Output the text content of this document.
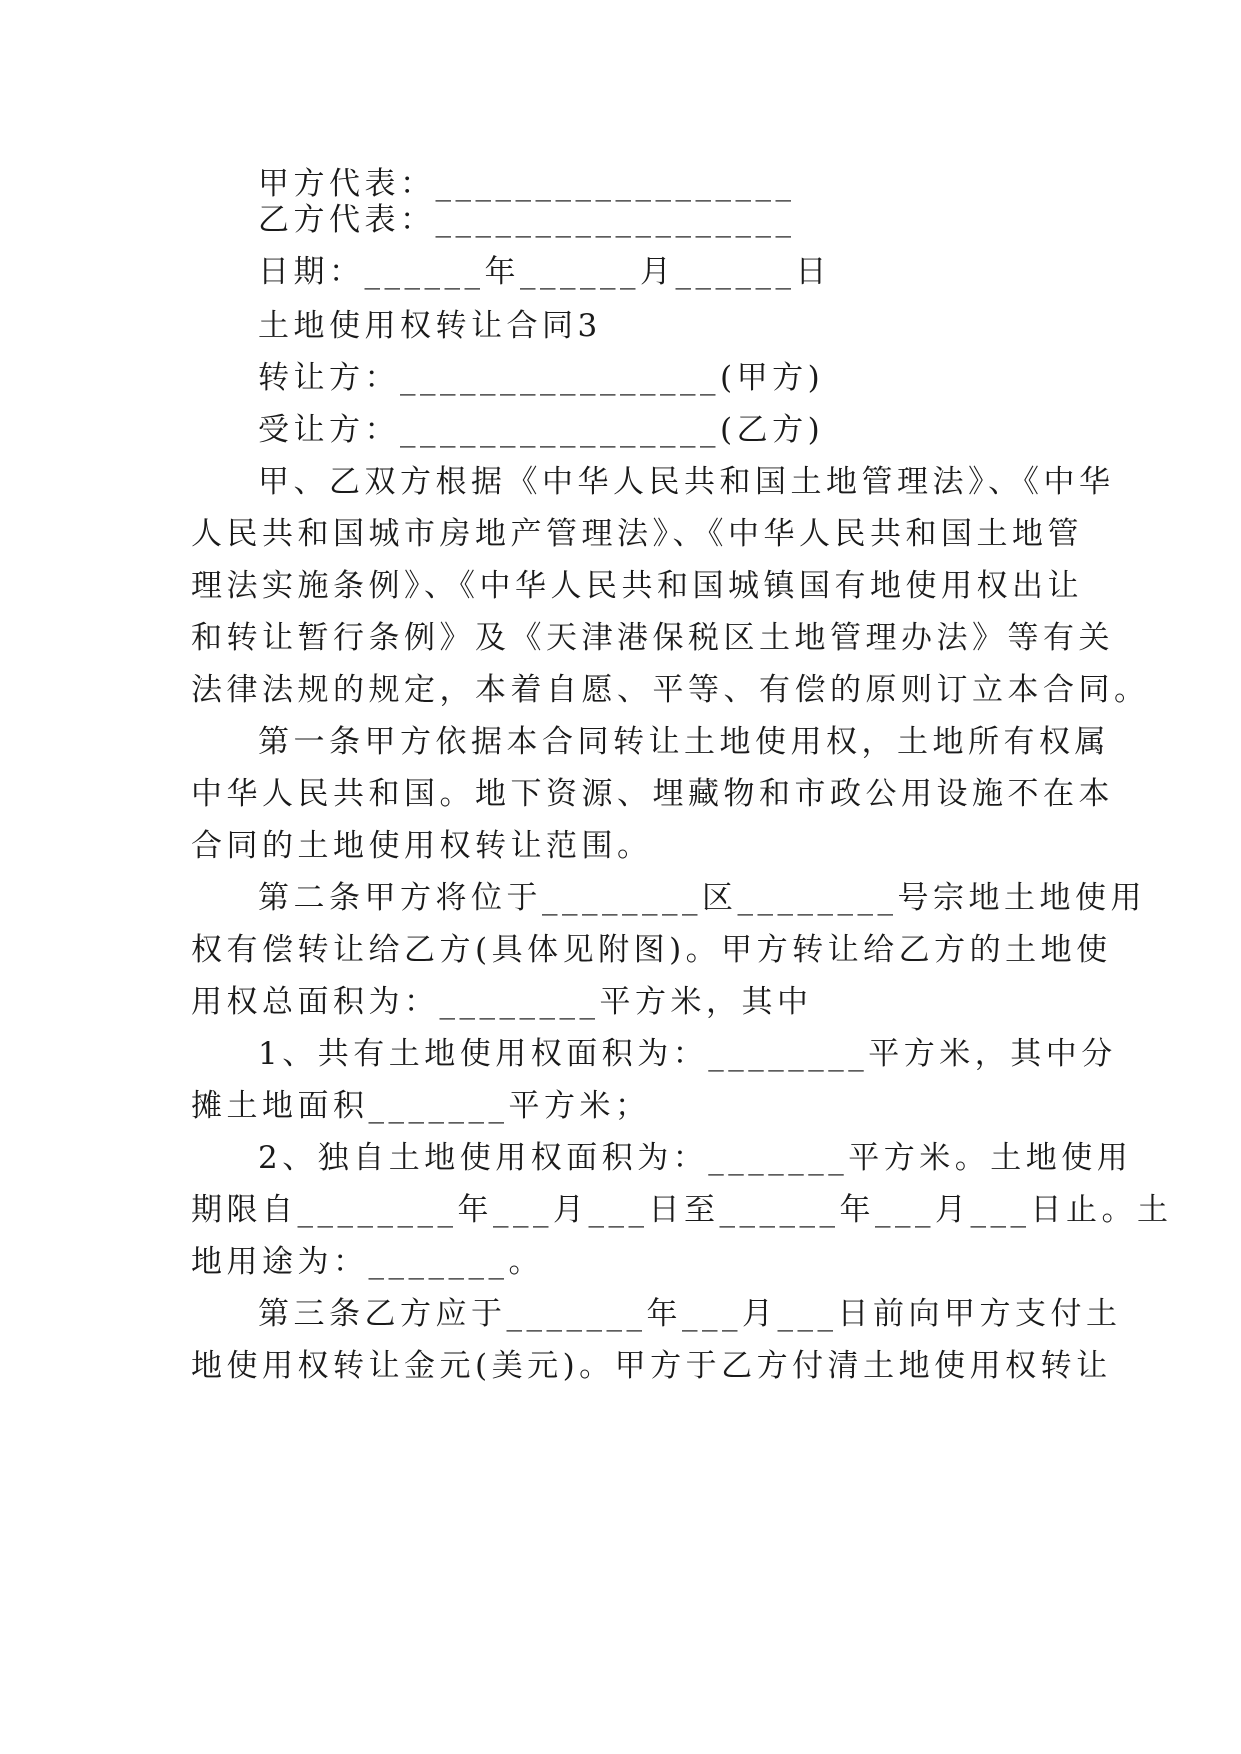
甲方代表：__________________
乙方代表：__________________
日期：______年______月______日
土地使用权转让合同3
转让方：________________(甲方)
受让方：________________(乙方)
甲、乙双方根据《中华人民共和国土地管理法》、《中华
人民共和国城市房地产管理法》、《中华人民共和国土地管
理法实施条例》、《中华人民共和国城镇国有地使用权出让
和转让暂行条例》及《天津港保税区土地管理办法》等有关
法律法规的规定，本着自愿、平等、有偿的原则订立本合同。
第一条甲方依据本合同转让土地使用权，土地所有权属
中华人民共和国。地下资源、埋藏物和市政公用设施不在本
合同的土地使用权转让范围。
第二条甲方将位于________区________号宗地土地使用
权有偿转让给乙方(具体见附图)。甲方转让给乙方的土地使
用权总面积为：________平方米，其中
1、共有土地使用权面积为：________平方米，其中分
摊土地面积_______平方米；
2、独自土地使用权面积为：_______平方米。土地使用
期限自________年___月___日至______年___月___日止。土
地用途为：_______。
第三条乙方应于_______年___月___日前向甲方支付土
地使用权转让金元(美元)。甲方于乙方付清土地使用权转让
